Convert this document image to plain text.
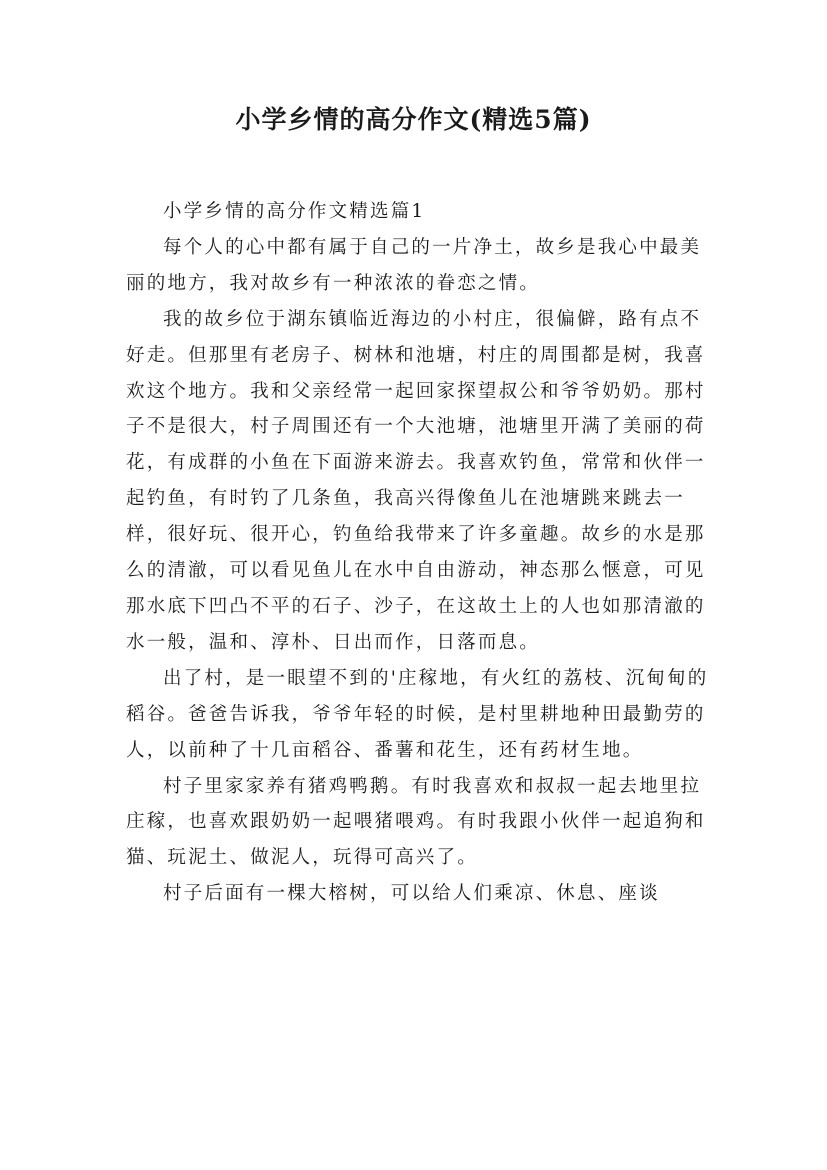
小学乡情的高分作文(精选5篇)

小学乡情的高分作文精选篇1

每个人的心中都有属于自己的一片净土，故乡是我心中最美丽的地方，我对故乡有一种浓浓的眷恋之情。

我的故乡位于湖东镇临近海边的小村庄，很偏僻，路有点不好走。但那里有老房子、树林和池塘，村庄的周围都是树，我喜欢这个地方。我和父亲经常一起回家探望叔公和爷爷奶奶。那村子不是很大，村子周围还有一个大池塘，池塘里开满了美丽的荷花，有成群的小鱼在下面游来游去。我喜欢钓鱼，常常和伙伴一起钓鱼，有时钓了几条鱼，我高兴得像鱼儿在池塘跳来跳去一样，很好玩、很开心，钓鱼给我带来了许多童趣。故乡的水是那么的清澈，可以看见鱼儿在水中自由游动，神态那么惬意，可见那水底下凹凸不平的石子、沙子，在这故土上的人也如那清澈的水一般，温和、淳朴、日出而作，日落而息。

出了村，是一眼望不到的'庄稼地，有火红的荔枝、沉甸甸的稻谷。爸爸告诉我，爷爷年轻的时候，是村里耕地种田最勤劳的人，以前种了十几亩稻谷、番薯和花生，还有药材生地。

村子里家家养有猪鸡鸭鹅。有时我喜欢和叔叔一起去地里拉庄稼，也喜欢跟奶奶一起喂猪喂鸡。有时我跟小伙伴一起追狗和猫、玩泥土、做泥人，玩得可高兴了。

村子后面有一棵大榕树，可以给人们乘凉、休息、座谈
